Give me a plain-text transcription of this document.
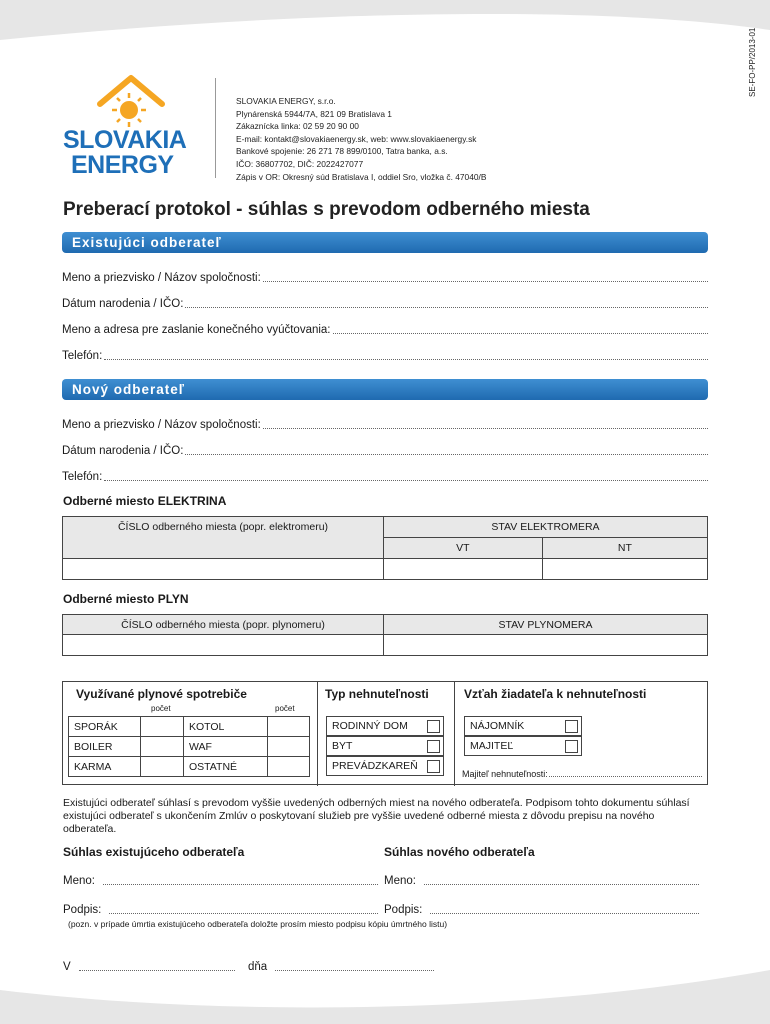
SE-FO-PP/2013-01
SLOVAKIA
ENERGY
SLOVAKIA ENERGY, s.r.o.
Plynárenská 5944/7A, 821 09 Bratislava 1
Zákaznícka linka: 02 59 20 90 00
E-mail: kontakt@slovakiaenergy.sk, web: www.slovakiaenergy.sk
Bankové spojenie: 26 271 78 899/0100, Tatra banka, a.s.
IČO: 36807702, DIČ: 2022427077
Zápis v OR: Okresný súd Bratislava I, oddiel Sro, vložka č. 47040/B
Preberací protokol - súhlas s prevodom odberného miesta
Existujúci odberateľ
Meno a priezvisko / Názov spoločnosti:
Dátum narodenia / IČO:
Meno a adresa pre zaslanie konečného vyúčtovania:
Telefón:
Nový odberateľ
Meno a priezvisko / Názov spoločnosti:
Dátum narodenia / IČO:
Telefón:
Odberné miesto ELEKTRINA
ČÍSLO odberného miesta (popr. elektromeru)	STAV ELEKTROMERA	
	VT	NT

Odberné miesto PLYN
ČÍSLO odberného miesta (popr. plynomeru)	STAV PLYNOMERA

Využívané plynové spotrebiče	Typ nehnuteľnosti	Vzťah žiadateľa k nehnuteľnosti
počet	počet
SPORÁK		KOTOL	
BOILER		WAF	
KARMA		OSTATNÉ	
RODINNÝ DOM
BYT
PREVÁDZKAREŇ
NÁJOMNÍK
MAJITEĽ
Majiteľ nehnuteľnosti:
Existujúci odberateľ súhlasí s prevodom vyššie uvedených odberných miest na nového odberateľa. Podpisom tohto dokumentu súhlasí existujúci odberateľ s ukončením Zmlúv o poskytovaní služieb pre vyššie uvedené odberné miesta z dôvodu prepisu na nového odberateľa.
Súhlas existujúceho odberateľa	Súhlas nového odberateľa
Meno:	Meno:
Podpis:	Podpis:
(pozn. v prípade úmrtia existujúceho odberateľa doložte prosím miesto podpisu kópiu úmrtného listu)
V	dňa
